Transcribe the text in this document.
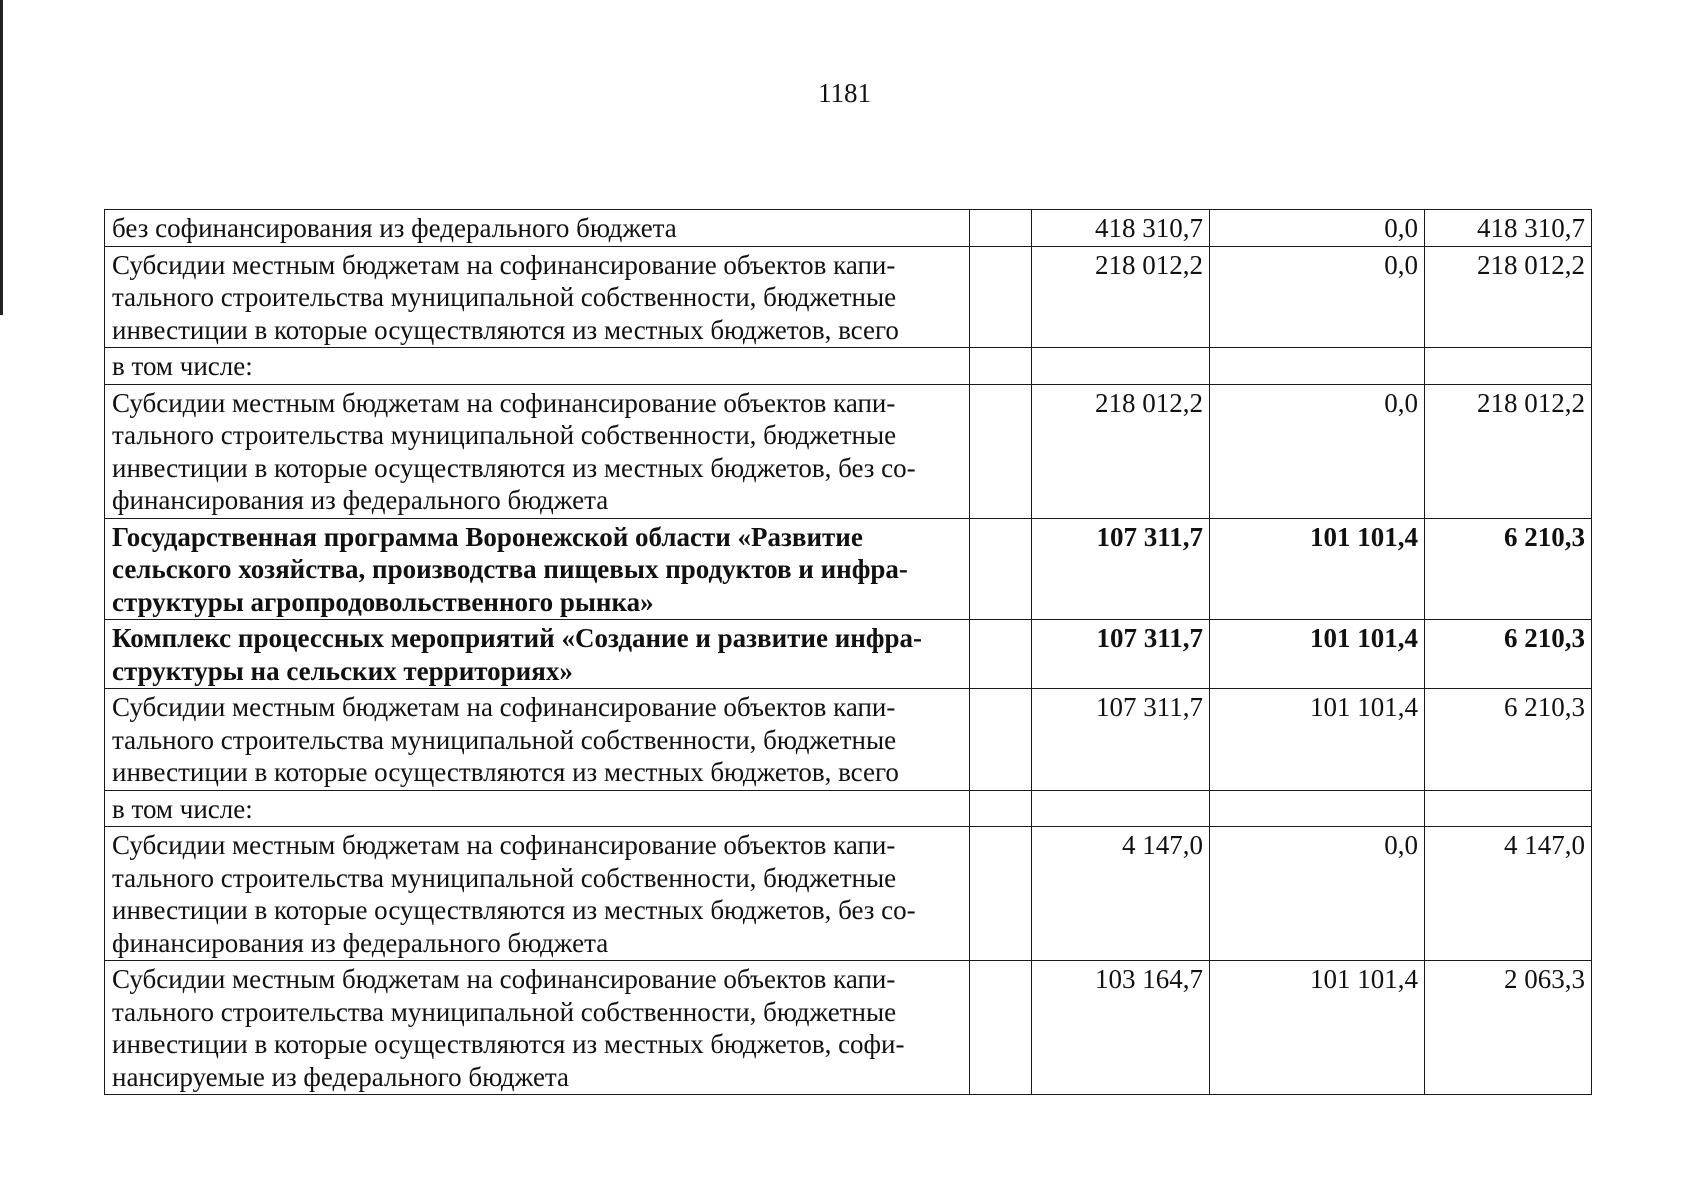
1181
без софинансирования из федерального бюджета		418 310,7	0,0	418 310,7

Субсидии местным бюджетам на софинансирование объектов капи-
тального строительства муниципальной собственности, бюджетные
инвестиции в которые осуществляются из местных бюджетов, всего		218 012,2	0,0	218 012,2
в том числе:				

Субсидии местным бюджетам на софинансирование объектов капи-
тального строительства муниципальной собственности, бюджетные
инвестиции в которые осуществляются из местных бюджетов, без со-
финансирования из федерального бюджета		218 012,2	0,0	218 012,2

Государственная программа Воронежской области «Развитие
сельского хозяйства, производства пищевых продуктов и инфра-
структуры агропродовольственного рынка»		107 311,7	101 101,4	6 210,3

Комплекс процессных мероприятий «Создание и развитие инфра-
структуры на сельских территориях»		107 311,7	101 101,4	6 210,3

Субсидии местным бюджетам на софинансирование объектов капи-
тального строительства муниципальной собственности, бюджетные
инвестиции в которые осуществляются из местных бюджетов, всего		107 311,7	101 101,4	6 210,3
в том числе:				

Субсидии местным бюджетам на софинансирование объектов капи-
тального строительства муниципальной собственности, бюджетные
инвестиции в которые осуществляются из местных бюджетов, без со-
финансирования из федерального бюджета		4 147,0	0,0	4 147,0

Субсидии местным бюджетам на софинансирование объектов капи-
тального строительства муниципальной собственности, бюджетные
инвестиции в которые осуществляются из местных бюджетов, софи-
нансируемые из федерального бюджета		103 164,7	101 101,4	2 063,3
